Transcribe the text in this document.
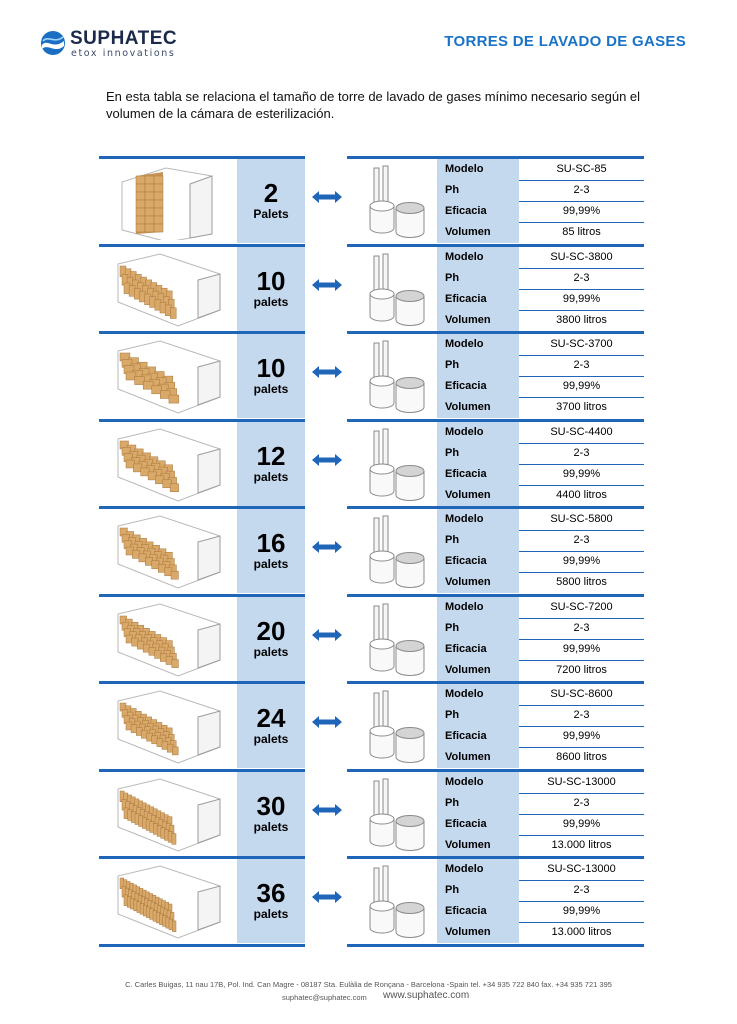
SUPHATEC
etox innovations
TORRES DE LAVADO DE GASES

En esta tabla se relaciona el tamaño de torre de lavado de gases mínimo necesario según el volumen de la cámara de esterilización.

2
Palets
Modelo	SU-SC-85
Ph	2-3
Eficacia	99,99%
Volumen	85 litros
10
palets
Modelo	SU-SC-3800
Ph	2-3
Eficacia	99,99%
Volumen	3800 litros
10
palets
Modelo	SU-SC-3700
Ph	2-3
Eficacia	99,99%
Volumen	3700 litros
12
palets
Modelo	SU-SC-4400
Ph	2-3
Eficacia	99,99%
Volumen	4400 litros
16
palets
Modelo	SU-SC-5800
Ph	2-3
Eficacia	99,99%
Volumen	5800 litros
20
palets
Modelo	SU-SC-7200
Ph	2-3
Eficacia	99,99%
Volumen	7200 litros
24
palets
Modelo	SU-SC-8600
Ph	2-3
Eficacia	99,99%
Volumen	8600 litros
30
palets
Modelo	SU-SC-13000
Ph	2-3
Eficacia	99,99%
Volumen	13.000 litros
36
palets
Modelo	SU-SC-13000
Ph	2-3
Eficacia	99,99%
Volumen	13.000 litros
C. Carles Buigas, 11 nau 17B, Pol. Ind. Can Magre - 08187 Sta. Eulàlia de Ronçana - Barcelona -Spain tel. +34 935 722 840 fax. +34 935 721 395
suphatec@suphatec.com www.suphatec.com
